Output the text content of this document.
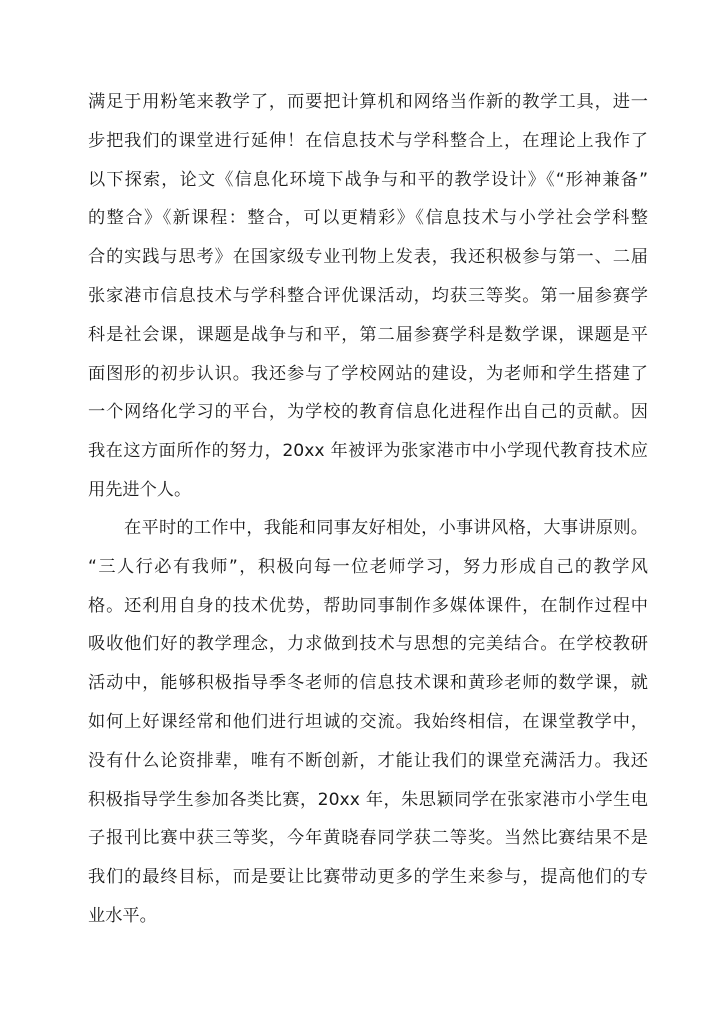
满足于用粉笔来教学了，而要把计算机和网络当作新的教学工具，进一
步把我们的课堂进行延伸！在信息技术与学科整合上，在理论上我作了
以下探索，论文《信息化环境下战争与和平的教学设计》《“形神兼备”
的整合》《新课程：整合，可以更精彩》《信息技术与小学社会学科整
合的实践与思考》在国家级专业刊物上发表，我还积极参与第一、二届
张家港市信息技术与学科整合评优课活动，均获三等奖。第一届参赛学
科是社会课，课题是战争与和平，第二届参赛学科是数学课，课题是平
面图形的初步认识。我还参与了学校网站的建设，为老师和学生搭建了
一个网络化学习的平台，为学校的教育信息化进程作出自己的贡献。因
我在这方面所作的努力，20xx 年被评为张家港市中小学现代教育技术应
用先进个人。
在平时的工作中，我能和同事友好相处，小事讲风格，大事讲原则。
“三人行必有我师”，积极向每一位老师学习，努力形成自己的教学风
格。还利用自身的技术优势，帮助同事制作多媒体课件，在制作过程中
吸收他们好的教学理念，力求做到技术与思想的完美结合。在学校教研
活动中，能够积极指导季冬老师的信息技术课和黄珍老师的数学课，就
如何上好课经常和他们进行坦诚的交流。我始终相信，在课堂教学中，
没有什么论资排辈，唯有不断创新，才能让我们的课堂充满活力。我还
积极指导学生参加各类比赛，20xx 年，朱思颖同学在张家港市小学生电
子报刊比赛中获三等奖，今年黄晓春同学获二等奖。当然比赛结果不是
我们的最终目标，而是要让比赛带动更多的学生来参与，提高他们的专
业水平。
